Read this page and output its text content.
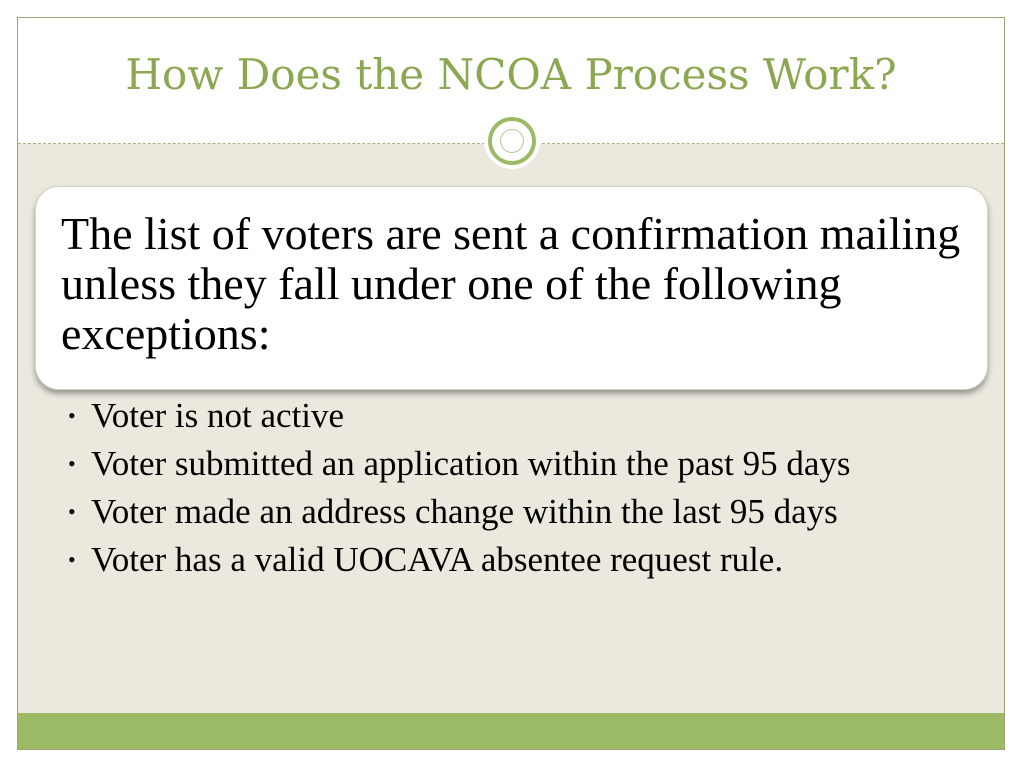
How Does the NCOA Process Work?

The list of voters are sent a confirmation mailing unless they fall under one of the following exceptions:

• Voter is not active
• Voter submitted an application within the past 95 days
• Voter made an address change within the last 95 days
• Voter has a valid UOCAVA absentee request rule.
